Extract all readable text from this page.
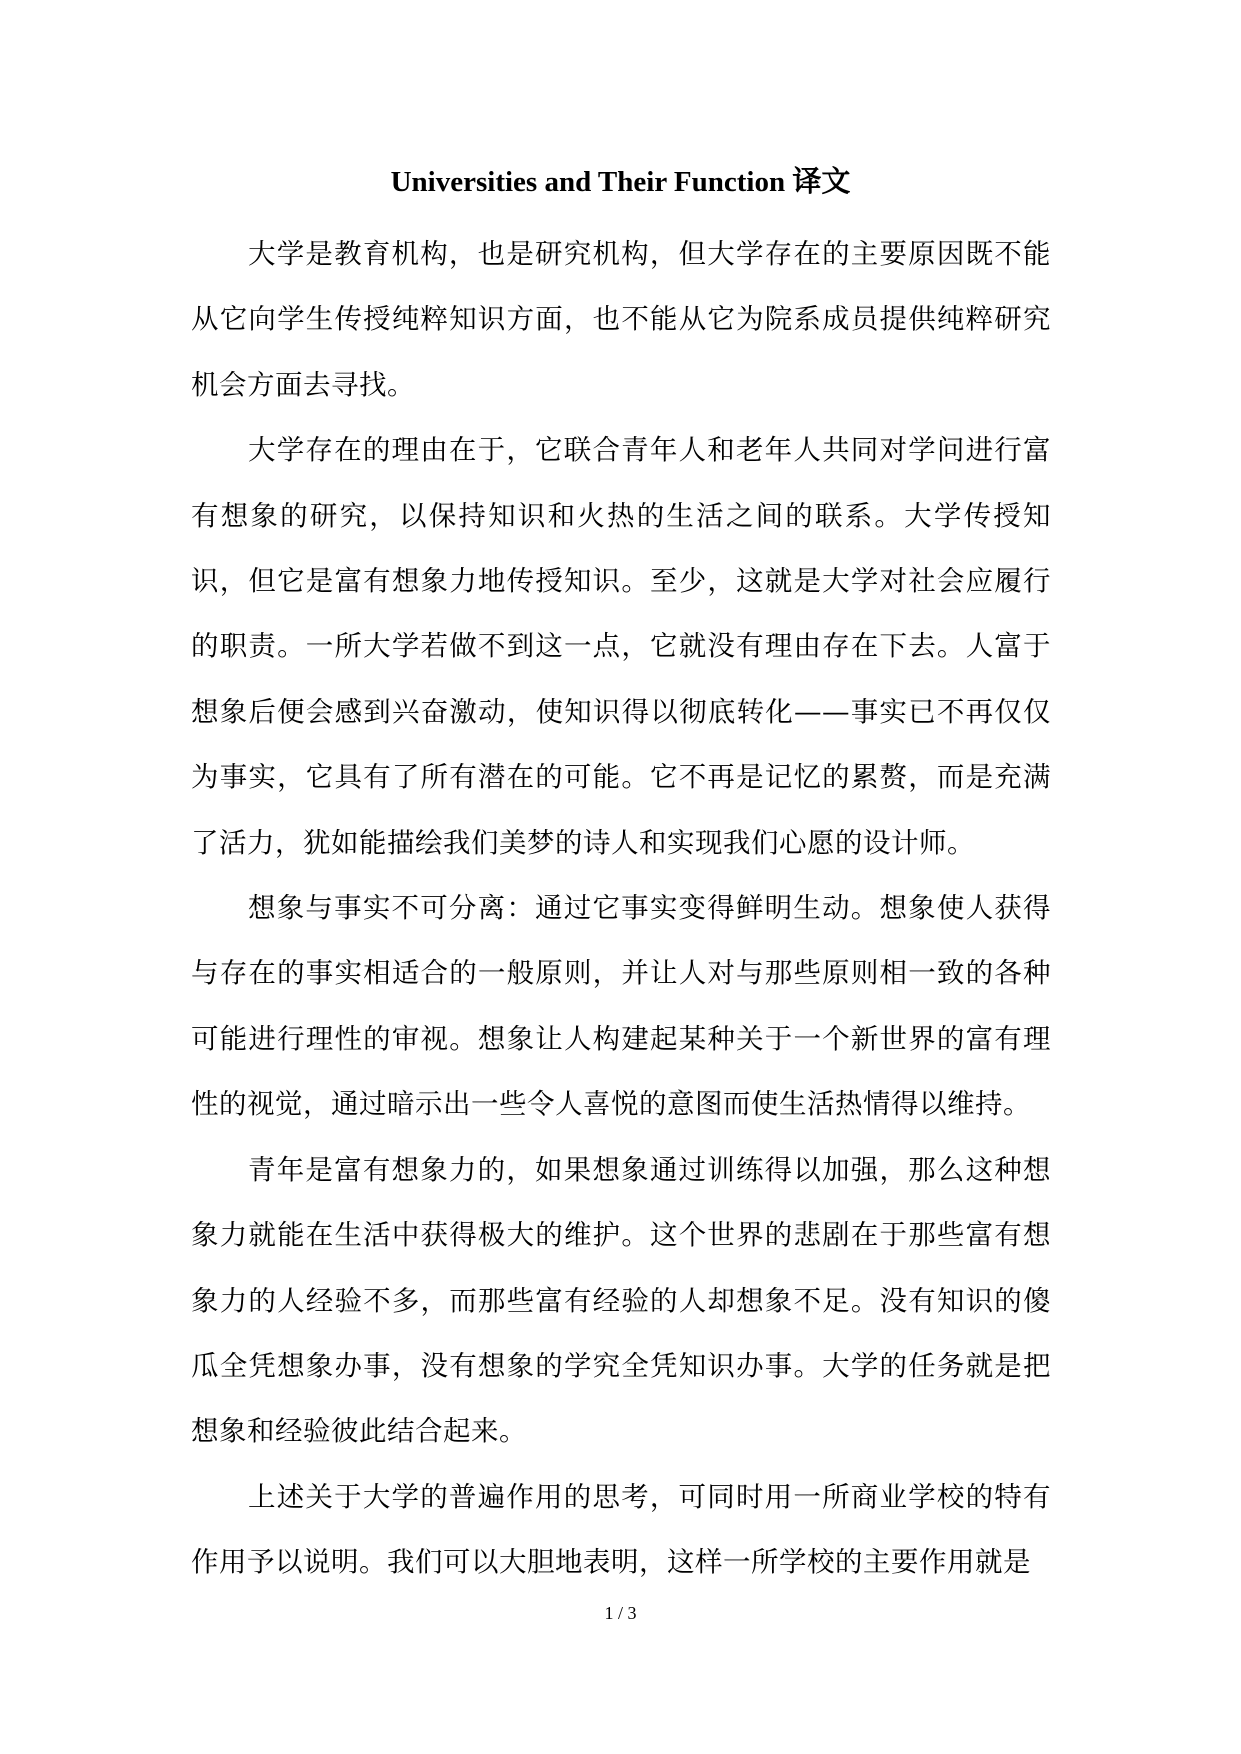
Universities and Their Function 译文

大学是教育机构，也是研究机构，但大学存在的主要原因既不能从它向学生传授纯粹知识方面，也不能从它为院系成员提供纯粹研究机会方面去寻找。

大学存在的理由在于，它联合青年人和老年人共同对学问进行富有想象的研究，以保持知识和火热的生活之间的联系。大学传授知识，但它是富有想象力地传授知识。至少，这就是大学对社会应履行的职责。一所大学若做不到这一点，它就没有理由存在下去。人富于想象后便会感到兴奋激动，使知识得以彻底转化——事实已不再仅仅为事实，它具有了所有潜在的可能。它不再是记忆的累赘，而是充满了活力，犹如能描绘我们美梦的诗人和实现我们心愿的设计师。

想象与事实不可分离：通过它事实变得鲜明生动。想象使人获得与存在的事实相适合的一般原则，并让人对与那些原则相一致的各种可能进行理性的审视。想象让人构建起某种关于一个新世界的富有理性的视觉，通过暗示出一些令人喜悦的意图而使生活热情得以维持。

青年是富有想象力的，如果想象通过训练得以加强，那么这种想象力就能在生活中获得极大的维护。这个世界的悲剧在于那些富有想象力的人经验不多，而那些富有经验的人却想象不足。没有知识的傻瓜全凭想象办事，没有想象的学究全凭知识办事。大学的任务就是把想象和经验彼此结合起来。

上述关于大学的普遍作用的思考，可同时用一所商业学校的特有作用予以说明。我们可以大胆地表明，这样一所学校的主要作用就是

1 / 3
